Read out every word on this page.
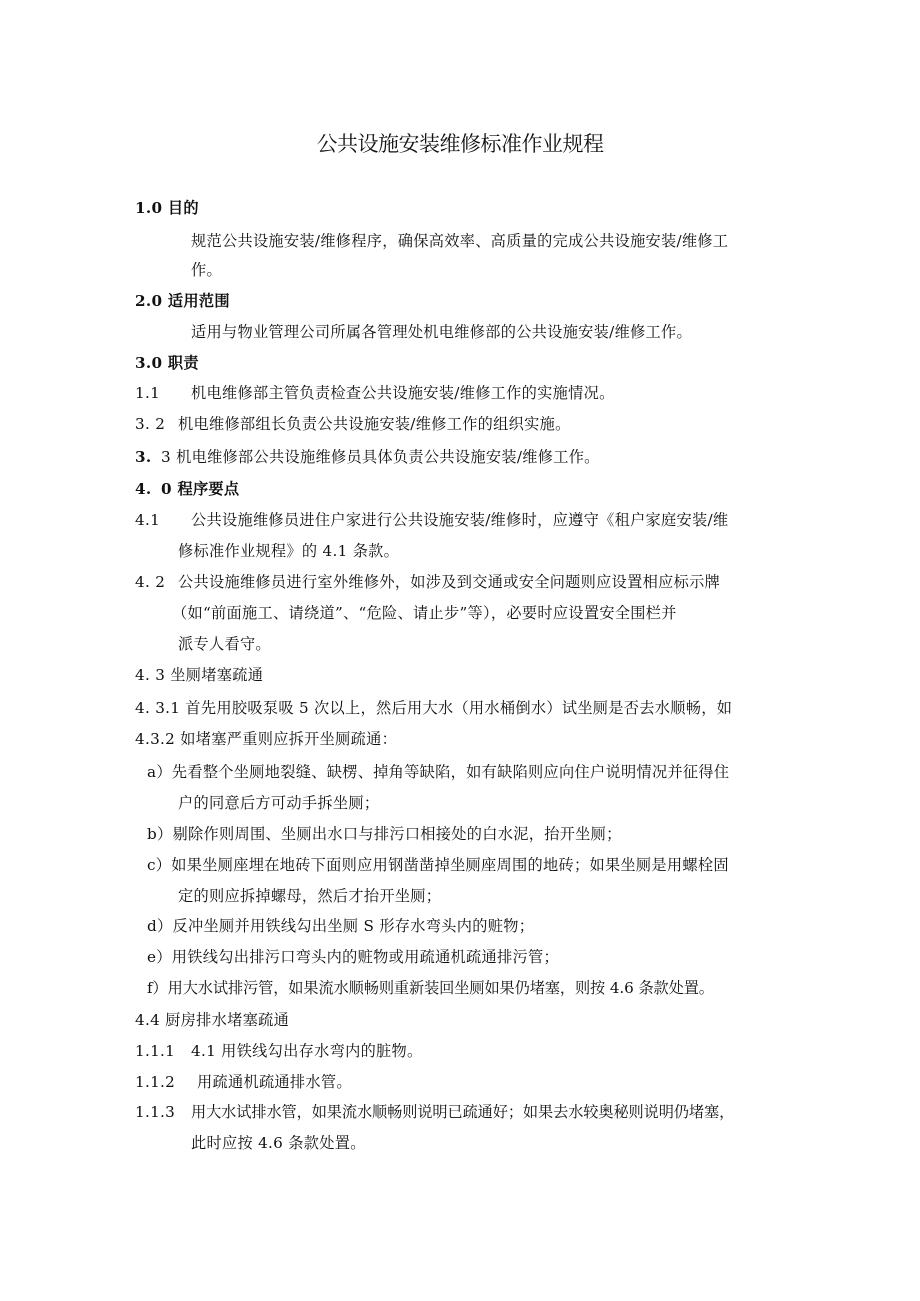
公共设施安装维修标准作业规程
1.0 目的
规范公共设施安装/维修程序，确保高效率、高质量的完成公共设施安装/维修工
作。
2.0 适用范围
适用与物业管理公司所属各管理处机电维修部的公共设施安装/维修工作。
3.0 职责
1.1 机电维修部主管负责检查公共设施安装/维修工作的实施情况。
3. 2 机电维修部组长负责公共设施安装/维修工作的组织实施。
3. 3 机电维修部公共设施维修员具体负责公共设施安装/维修工作。
4. 0 程序要点
4.1 公共设施维修员进住户家进行公共设施安装/维修时，应遵守《租户家庭安装/维
修标准作业规程》的 4.1 条款。
4. 2 公共设施维修员进行室外维修外，如涉及到交通或安全问题则应设置相应标示牌
（如“前面施工、请绕道”、“危险、请止步”等），必要时应设置安全围栏并
派专人看守。
4. 3 坐厕堵塞疏通
4. 3.1 首先用胶吸泵吸 5 次以上，然后用大水（用水桶倒水）试坐厕是否去水顺畅，如
4.3.2 如堵塞严重则应拆开坐厕疏通：
a）先看整个坐厕地裂缝、缺楞、掉角等缺陷，如有缺陷则应向住户说明情况并征得住
户的同意后方可动手拆坐厕；
b）剔除作则周围、坐厕出水口与排污口相接处的白水泥，抬开坐厕；
c）如果坐厕座埋在地砖下面则应用钢凿凿掉坐厕座周围的地砖；如果坐厕是用螺栓固
定的则应拆掉螺母，然后才抬开坐厕；
d）反冲坐厕并用铁线勾出坐厕 S 形存水弯头内的赃物；
e）用铁线勾出排污口弯头内的赃物或用疏通机疏通排污管；
f）用大水试排污管，如果流水顺畅则重新装回坐厕如果仍堵塞，则按 4.6 条款处置。
4.4 厨房排水堵塞疏通
1.1.1 4.1 用铁线勾出存水弯内的脏物。
1.1.2 用疏通机疏通排水管。
1.1.3 用大水试排水管，如果流水顺畅则说明已疏通好；如果去水较奥秘则说明仍堵塞，
此时应按 4.6 条款处置。
